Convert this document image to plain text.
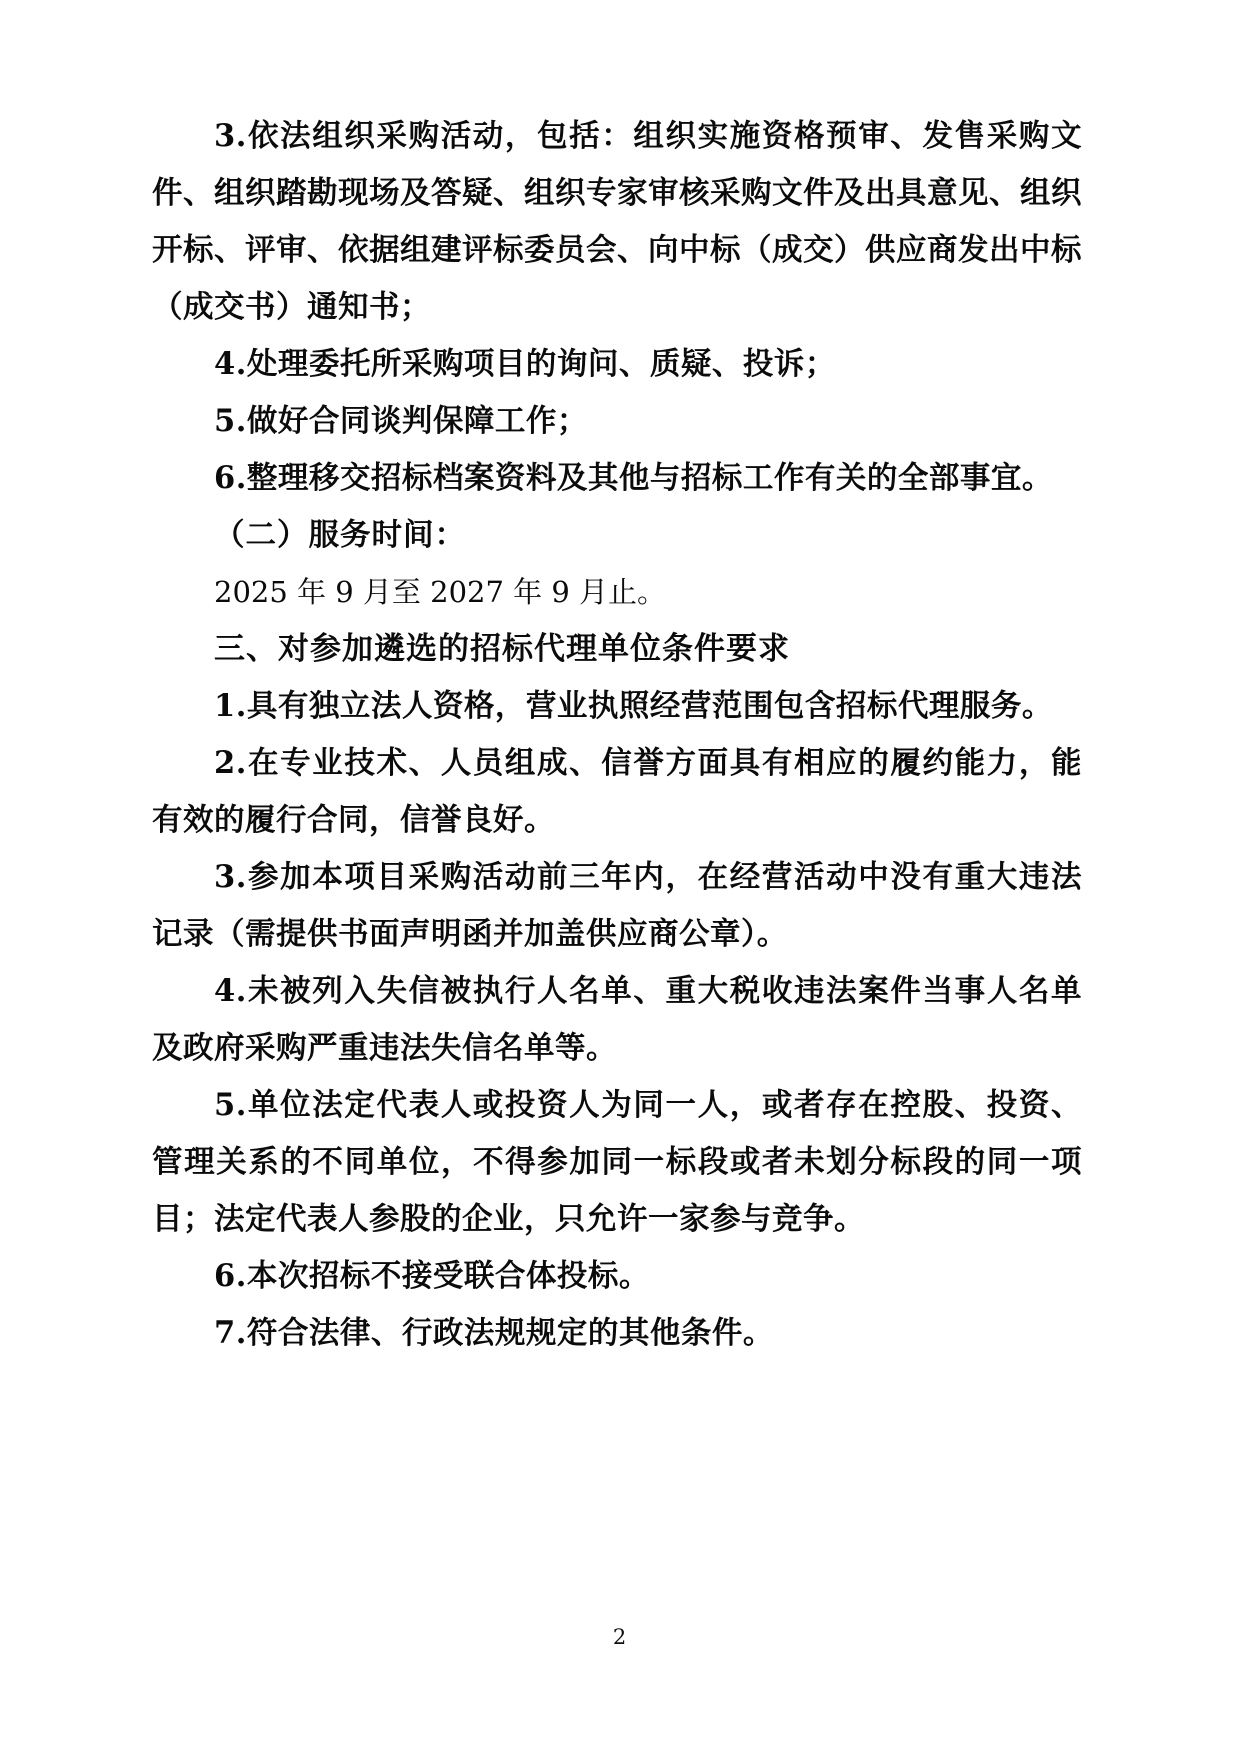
3.依法组织采购活动，包括：组织实施资格预审、发售采购文件、组织踏勘现场及答疑、组织专家审核采购文件及出具意见、组织开标、评审、依据组建评标委员会、向中标（成交）供应商发出中标（成交书）通知书；

4.处理委托所采购项目的询问、质疑、投诉；

5.做好合同谈判保障工作；

6.整理移交招标档案资料及其他与招标工作有关的全部事宜。

（二）服务时间：

2025 年 9 月至 2027 年 9 月止。

三、对参加遴选的招标代理单位条件要求

1.具有独立法人资格，营业执照经营范围包含招标代理服务。

2.在专业技术、人员组成、信誉方面具有相应的履约能力，能有效的履行合同，信誉良好。

3.参加本项目采购活动前三年内，在经营活动中没有重大违法记录（需提供书面声明函并加盖供应商公章）。

4.未被列入失信被执行人名单、重大税收违法案件当事人名单及政府采购严重违法失信名单等。

5.单位法定代表人或投资人为同一人，或者存在控股、投资、管理关系的不同单位，不得参加同一标段或者未划分标段的同一项目；法定代表人参股的企业，只允许一家参与竞争。

6.本次招标不接受联合体投标。

7.符合法律、行政法规规定的其他条件。

2
